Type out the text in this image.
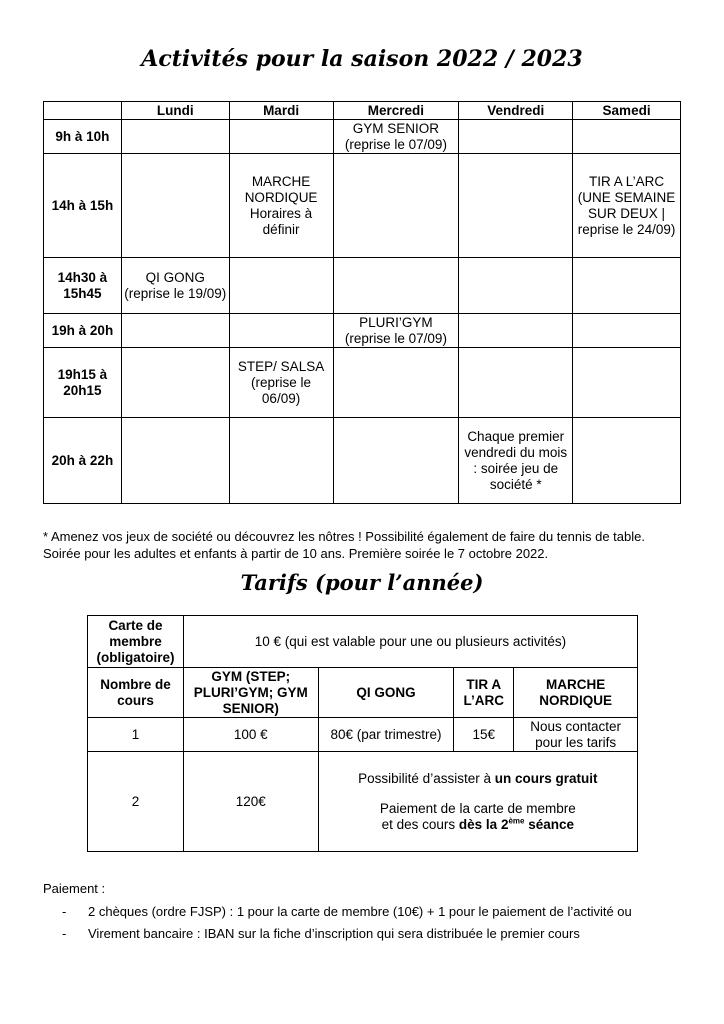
Activités pour la saison 2022 / 2023
	Lundi	Mardi	Mercredi	Vendredi	Samedi
9h à 10h			GYM SENIOR (reprise le 07/09)		
14h à 15h		MARCHE NORDIQUE Horaires à définir			TIR A L’ARC (UNE SEMAINE SUR DEUX | reprise le 24/09)
14h30 à 15h45	QI GONG (reprise le 19/09)				
19h à 20h			PLURI’GYM (reprise le 07/09)		
19h15 à 20h15		STEP/ SALSA (reprise le 06/09)			
20h à 22h				Chaque premier vendredi du mois : soirée jeu de société *	
* Amenez vos jeux de société ou découvrez les nôtres ! Possibilité également de faire du tennis de table.
Soirée pour les adultes et enfants à partir de 10 ans. Première soirée le 7 octobre 2022.
Tarifs (pour l’année)
Carte de membre (obligatoire)	10 € (qui est valable pour une ou plusieurs activités)			
Nombre de cours	GYM (STEP; PLURI’GYM; GYM SENIOR)	QI GONG	TIR A L’ARC	MARCHE NORDIQUE
1	100 €	80€ (par trimestre)	15€	Nous contacter pour les tarifs
2	120€	Possibilité d’assister à un cours gratuit
Paiement de la carte de membre
et des cours dès la 2ème séance		
Paiement :
- 2 chèques (ordre FJSP) : 1 pour la carte de membre (10€) + 1 pour le paiement de l’activité ou
- Virement bancaire : IBAN sur la fiche d’inscription qui sera distribuée le premier cours
